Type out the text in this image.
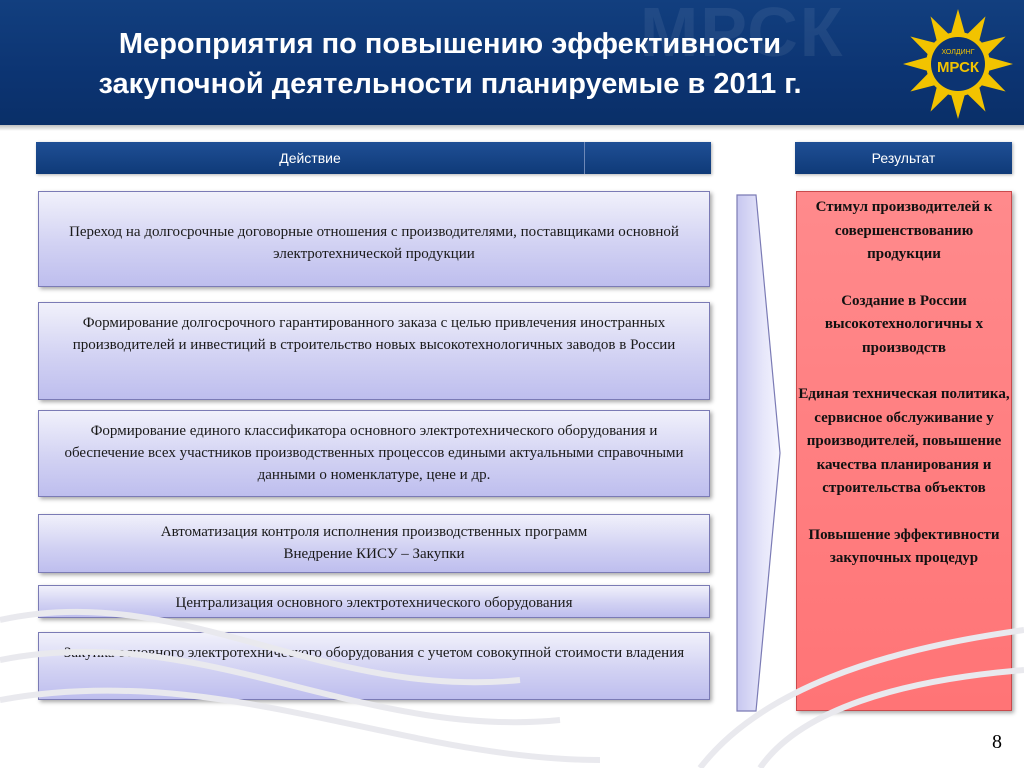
МРСК
Мероприятия по повышению эффективности
закупочной деятельности планируемые в 2011 г.
ХОЛДИНГ
МРСК
Действие	Результат
Переход на долгосрочные договорные отношения с производителями, поставщиками основной электротехнической продукции
Формирование долгосрочного гарантированного заказа с целью привлечения иностранных производителей и инвестиций в строительство новых высокотехнологичных заводов в России
Формирование единого классификатора основного электротехнического оборудования и обеспечение всех участников производственных процессов едиными актуальными справочными данными о номенклатуре, цене и др.
Автоматизация контроля исполнения производственных программ
Внедрение КИСУ – Закупки
Централизация основного электротехнического оборудования
Закупка основного электротехнического оборудования с учетом совокупной стоимости владения
Стимул производителей к совершенствованию продукции
Создание в России высокотехнологичны х производств
Единая техническая политика, сервисное обслуживание у производителей, повышение качества планирования и строительства объектов
Повышение эффективности закупочных процедур
8
